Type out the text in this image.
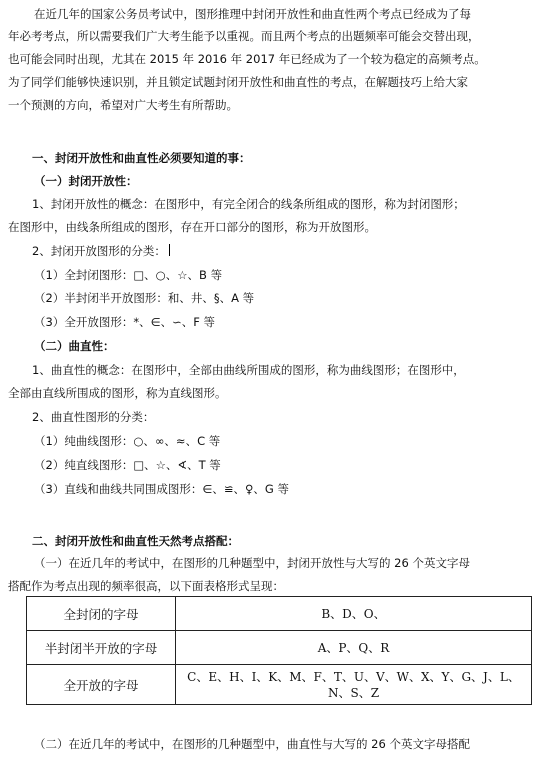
在近几年的国家公务员考试中，图形推理中封闭开放性和曲直性两个考点已经成为了每
年必考考点，所以需要我们广大考生能予以重视。而且两个考点的出题频率可能会交替出现，
也可能会同时出现，尤其在 2015 年 2016 年 2017 年已经成为了一个较为稳定的高频考点。
为了同学们能够快速识别，并且锁定试题封闭开放性和曲直性的考点，在解题技巧上给大家
一个预测的方向，希望对广大考生有所帮助。
一、封闭开放性和曲直性必须要知道的事：
（一）封闭开放性：
1、封闭开放性的概念：在图形中，有完全闭合的线条所组成的图形，称为封闭图形；
在图形中，由线条所组成的图形，存在开口部分的图形，称为开放图形。
2、封闭开放图形的分类：
（1）全封闭图形：□、○、☆、B 等
（2）半封闭半开放图形：和、井、§、A 等
（3）全开放图形：*、∈、∽、F 等
（二）曲直性：
1、曲直性的概念：在图形中，全部由曲线所围成的图形，称为曲线图形；在图形中，
全部由直线所围成的图形，称为直线图形。
2、曲直性图形的分类：
（1）纯曲线图形：○、∞、≈、C 等
（2）纯直线图形：□、☆、∢、T 等
（3）直线和曲线共同围成图形：∈、≌、♀、G 等
二、封闭开放性和曲直性天然考点搭配：
（一）在近几年的考试中，在图形的几种题型中，封闭开放性与大写的 26 个英文字母
搭配作为考点出现的频率很高，以下面表格形式呈现：
全封闭的字母	B、D、O、
半封闭半开放的字母	A、P、Q、R
全开放的字母	C、E、H、I、K、M、F、T、U、V、W、X、Y、G、J、L、N、S、Z
（二）在近几年的考试中，在图形的几种题型中，曲直性与大写的 26 个英文字母搭配
